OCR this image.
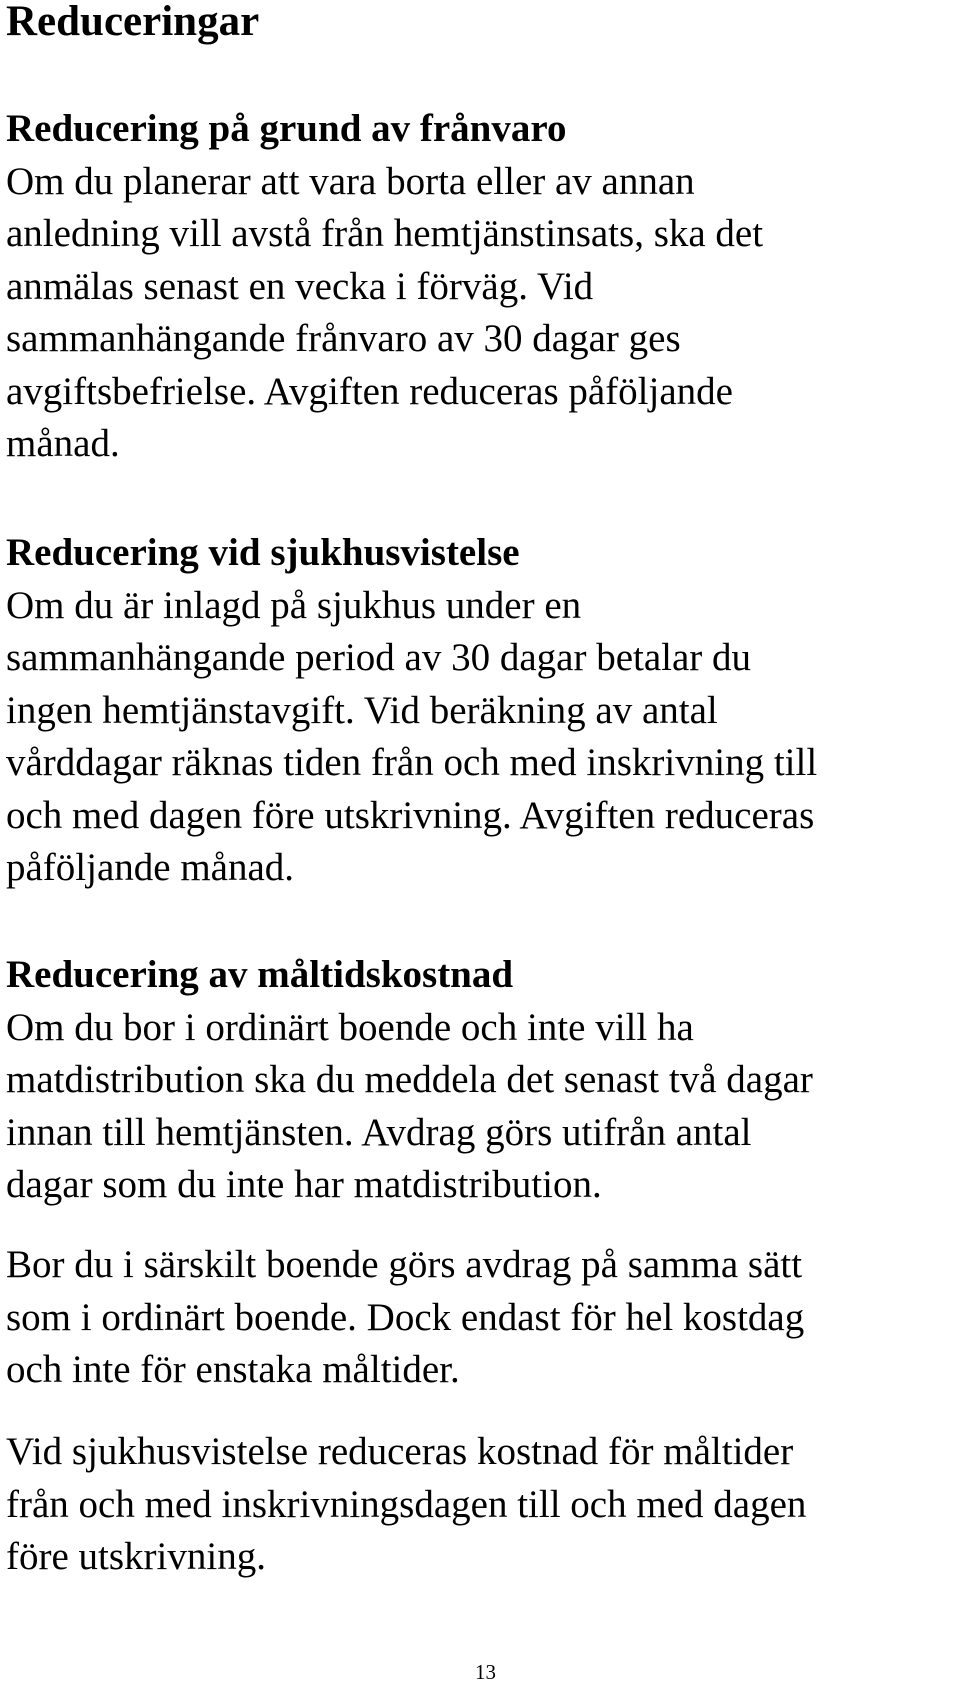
Reduceringar
Reducering på grund av frånvaro

Om du planerar att vara borta eller av annan

anledning vill avstå från hemtjänstinsats, ska det

anmälas senast en vecka i förväg. Vid

sammanhängande frånvaro av 30 dagar ges

avgiftsbefrielse. Avgiften reduceras påföljande

månad.

Reducering vid sjukhusvistelse

Om du är inlagd på sjukhus under en

sammanhängande period av 30 dagar betalar du

ingen hemtjänstavgift. Vid beräkning av antal

vårddagar räknas tiden från och med inskrivning till

och med dagen före utskrivning. Avgiften reduceras

påföljande månad.

Reducering av måltidskostnad

Om du bor i ordinärt boende och inte vill ha

matdistribution ska du meddela det senast två dagar

innan till hemtjänsten. Avdrag görs utifrån antal

dagar som du inte har matdistribution.

Bor du i särskilt boende görs avdrag på samma sätt

som i ordinärt boende. Dock endast för hel kostdag

och inte för enstaka måltider.

Vid sjukhusvistelse reduceras kostnad för måltider

från och med inskrivningsdagen till och med dagen

före utskrivning.

13
